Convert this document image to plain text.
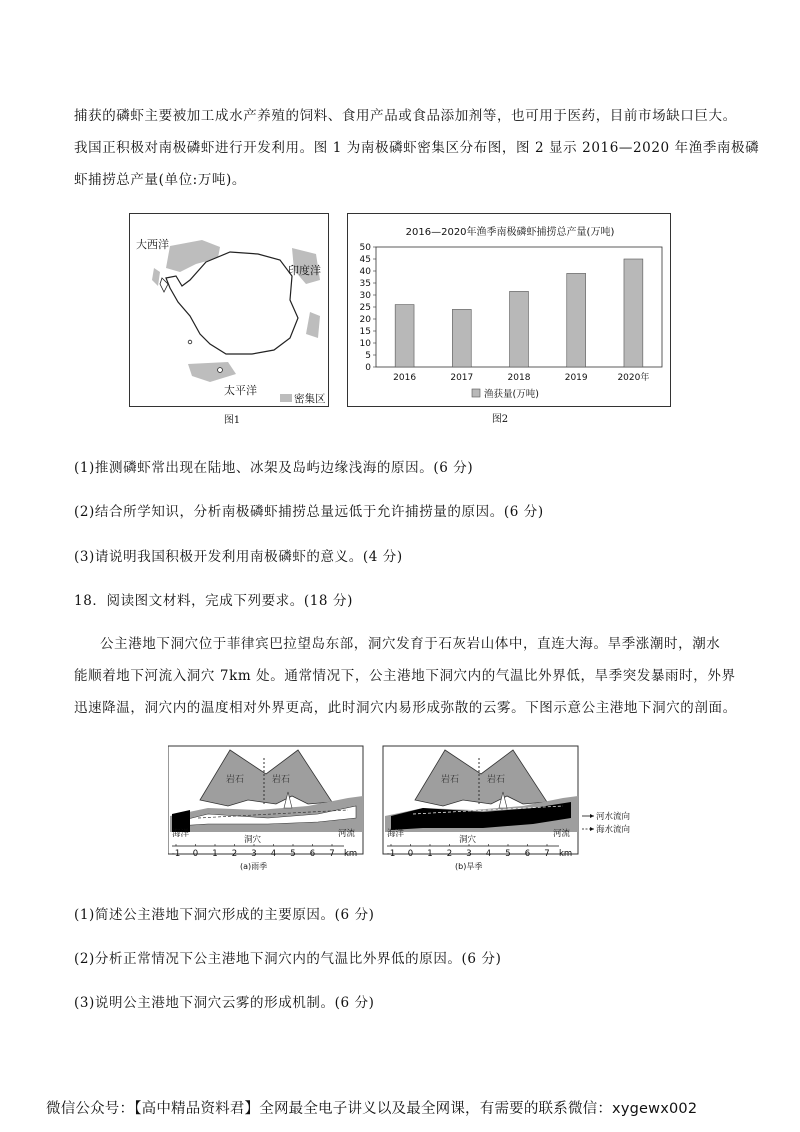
捕获的磷虾主要被加工成水产养殖的饲料、食用产品或食品添加剂等，也可用于医药，目前市场缺口巨大。
我国正积极对南极磷虾进行开发利用。图 1 为南极磷虾密集区分布图，图 2 显示 2016—2020 年渔季南极磷
虾捕捞总产量(单位:万吨)。
密集区
大西洋
印度洋
太平洋
图1
2016—2020年渔季南极磷虾捕捞总产量(万吨)
0
5
10
15
20
25
30
35
40
45
50
2016	2017	2018	2019	2020年
渔获量(万吨)
图2
(1)推测磷虾常出现在陆地、冰架及岛屿边缘浅海的原因。(6 分)
(2)结合所学知识，分析南极磷虾捕捞总量远低于允许捕捞量的原因。(6 分)
(3)请说明我国积极开发利用南极磷虾的意义。(4 分)
18．阅读图文材料，完成下列要求。(18 分)
公主港地下洞穴位于菲律宾巴拉望岛东部，洞穴发育于石灰岩山体中，直连大海。旱季涨潮时，潮水
能顺着地下河流入洞穴 7km 处。通常情况下，公主港地下洞穴内的气温比外界低，旱季突发暴雨时，外界
迅速降温，洞穴内的温度相对外界更高，此时洞穴内易形成弥散的云雾。下图示意公主港地下洞穴的剖面。
岩石	岩石
海洋
洞穴
河流
-1 0 1 2 3 4 5 6 7 km
(a)雨季
岩石	岩石
海洋
洞穴
河流
-1 0 1 2 3 4 5 6 7 km
(b)旱季
河水流向
海水流向
(1)简述公主港地下洞穴形成的主要原因。(6 分)
(2)分析正常情况下公主港地下洞穴内的气温比外界低的原因。(6 分)
(3)说明公主港地下洞穴云雾的形成机制。(6 分)
微信公众号：【高中精品资料君】全网最全电子讲义以及最全网课，有需要的联系微信：xygewx002
